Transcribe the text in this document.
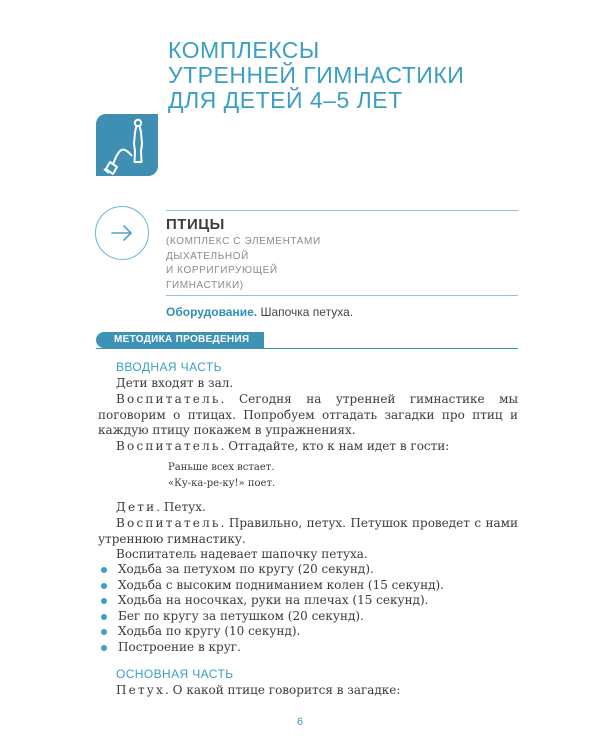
КОМПЛЕКСЫ
УТРЕННЕЙ ГИМНАСТИКИ
ДЛЯ ДЕТЕЙ 4–5 ЛЕТ
ПТИЦЫ
(КОМПЛЕКС С ЭЛЕМЕНТАМИ
ДЫХАТЕЛЬНОЙ
И КОРРИГИРУЮЩЕЙ
ГИМНАСТИКИ)
Оборудование. Шапочка петуха.
МЕТОДИКА ПРОВЕДЕНИЯ
ВВОДНАЯ ЧАСТЬ
Дети входят в зал.
Воспитатель. Сегодня на утренней гимнастике мы поговорим о птицах. Попробуем отгадать загадки про птиц и каждую птицу покажем в упражнениях.
Воспитатель. Отгадайте, кто к нам идет в гости:
Раньше всех встает.
«Ку-ка-ре-ку!» поет.
Дети. Петух.
Воспитатель. Правильно, петух. Петушок проведет с нами утреннюю гимнастику.
Воспитатель надевает шапочку петуха.
Ходьба за петухом по кругу (20 секунд).
Ходьба с высоким подниманием колен (15 секунд).
Ходьба на носочках, руки на плечах (15 секунд).
Бег по кругу за петушком (20 секунд).
Ходьба по кругу (10 секунд).
Построение в круг.
ОСНОВНАЯ ЧАСТЬ
Петух. О какой птице говорится в загадке:
6
